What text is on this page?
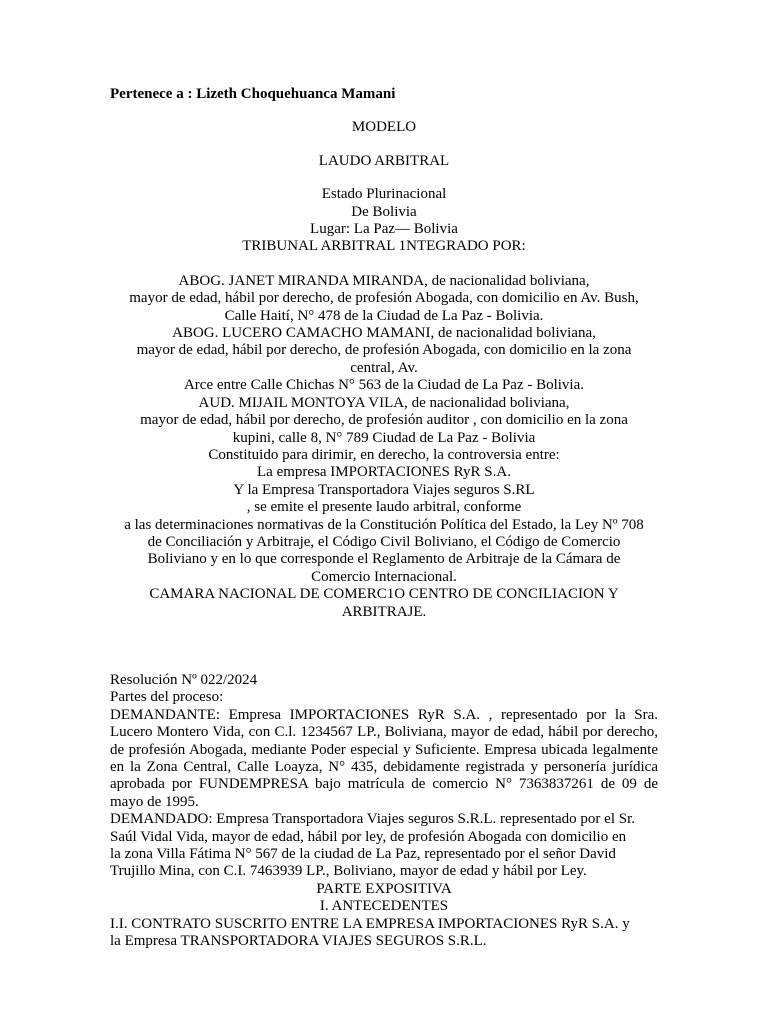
Pertenece a : Lizeth Choquehuanca Mamani
MODELO
LAUDO ARBITRAL
Estado Plurinacional
De Bolivia
Lugar: La Paz— Bolivia
TRIBUNAL ARBITRAL 1NTEGRADO POR:
ABOG. JANET MIRANDA MIRANDA, de nacionalidad boliviana,
mayor de edad, hábil por derecho, de profesión Abogada, con domicilio en Av. Bush,
Calle Haití, N° 478 de la Ciudad de La Paz - Bolivia.
ABOG. LUCERO CAMACHO MAMANI, de nacionalidad boliviana,
mayor de edad, hábil por derecho, de profesión Abogada, con domicilio en la zona
central, Av.
Arce entre Calle Chichas N° 563 de la Ciudad de La Paz - Bolivia.
AUD. MIJAIL MONTOYA VILA, de nacionalidad boliviana,
mayor de edad, hábil por derecho, de profesión auditor , con domicilio en la zona
kupini, calle 8, N° 789 Ciudad de La Paz - Bolivia
Constituido para dirimir, en derecho, la controversia entre:
La empresa IMPORTACIONES RyR S.A.
Y la Empresa Transportadora Viajes seguros S.RL
, se emite el presente laudo arbitral, conforme
a las determinaciones normativas de la Constitución Política del Estado, la Ley Nº 708
de Conciliación y Arbitraje, el Código Civil Boliviano, el Código de Comercio
Boliviano y en lo que corresponde el Reglamento de Arbitraje de la Cámara de
Comercio Internacional.
CAMARA NACIONAL DE COMERC1O CENTRO DE CONCILIACION Y
ARBITRAJE.
Resolución Nº 022/2024
Partes del proceso:
DEMANDANTE: Empresa IMPORTACIONES RyR S.A. , representado por la Sra. Lucero Montero Vida, con C.l. 1234567 LP., Boliviana, mayor de edad, hábil por derecho, de profesión Abogada, mediante Poder especial y Suficiente. Empresa ubicada legalmente en la Zona Central, Calle Loayza, N° 435, debidamente registrada y personería jurídica aprobada por FUNDEMPRESA bajo matrícula de comercio N° 7363837261 de 09 de mayo de 1995.
DEMANDADO: Empresa Transportadora Viajes seguros S.R.L. representado por el Sr.
Saúl Vidal Vida, mayor de edad, hábil por ley, de profesión Abogada con domicilio en
la zona Villa Fátima N° 567 de la ciudad de La Paz, representado por el señor David
Trujillo Mina, con C.I. 7463939 LP., Boliviano, mayor de edad y hábil por Ley.
PARTE EXPOSITIVA
I. ANTECEDENTES
I.I. CONTRATO SUSCRITO ENTRE LA EMPRESA IMPORTACIONES RyR S.A. y
la Empresa TRANSPORTADORA VIAJES SEGUROS S.R.L.
